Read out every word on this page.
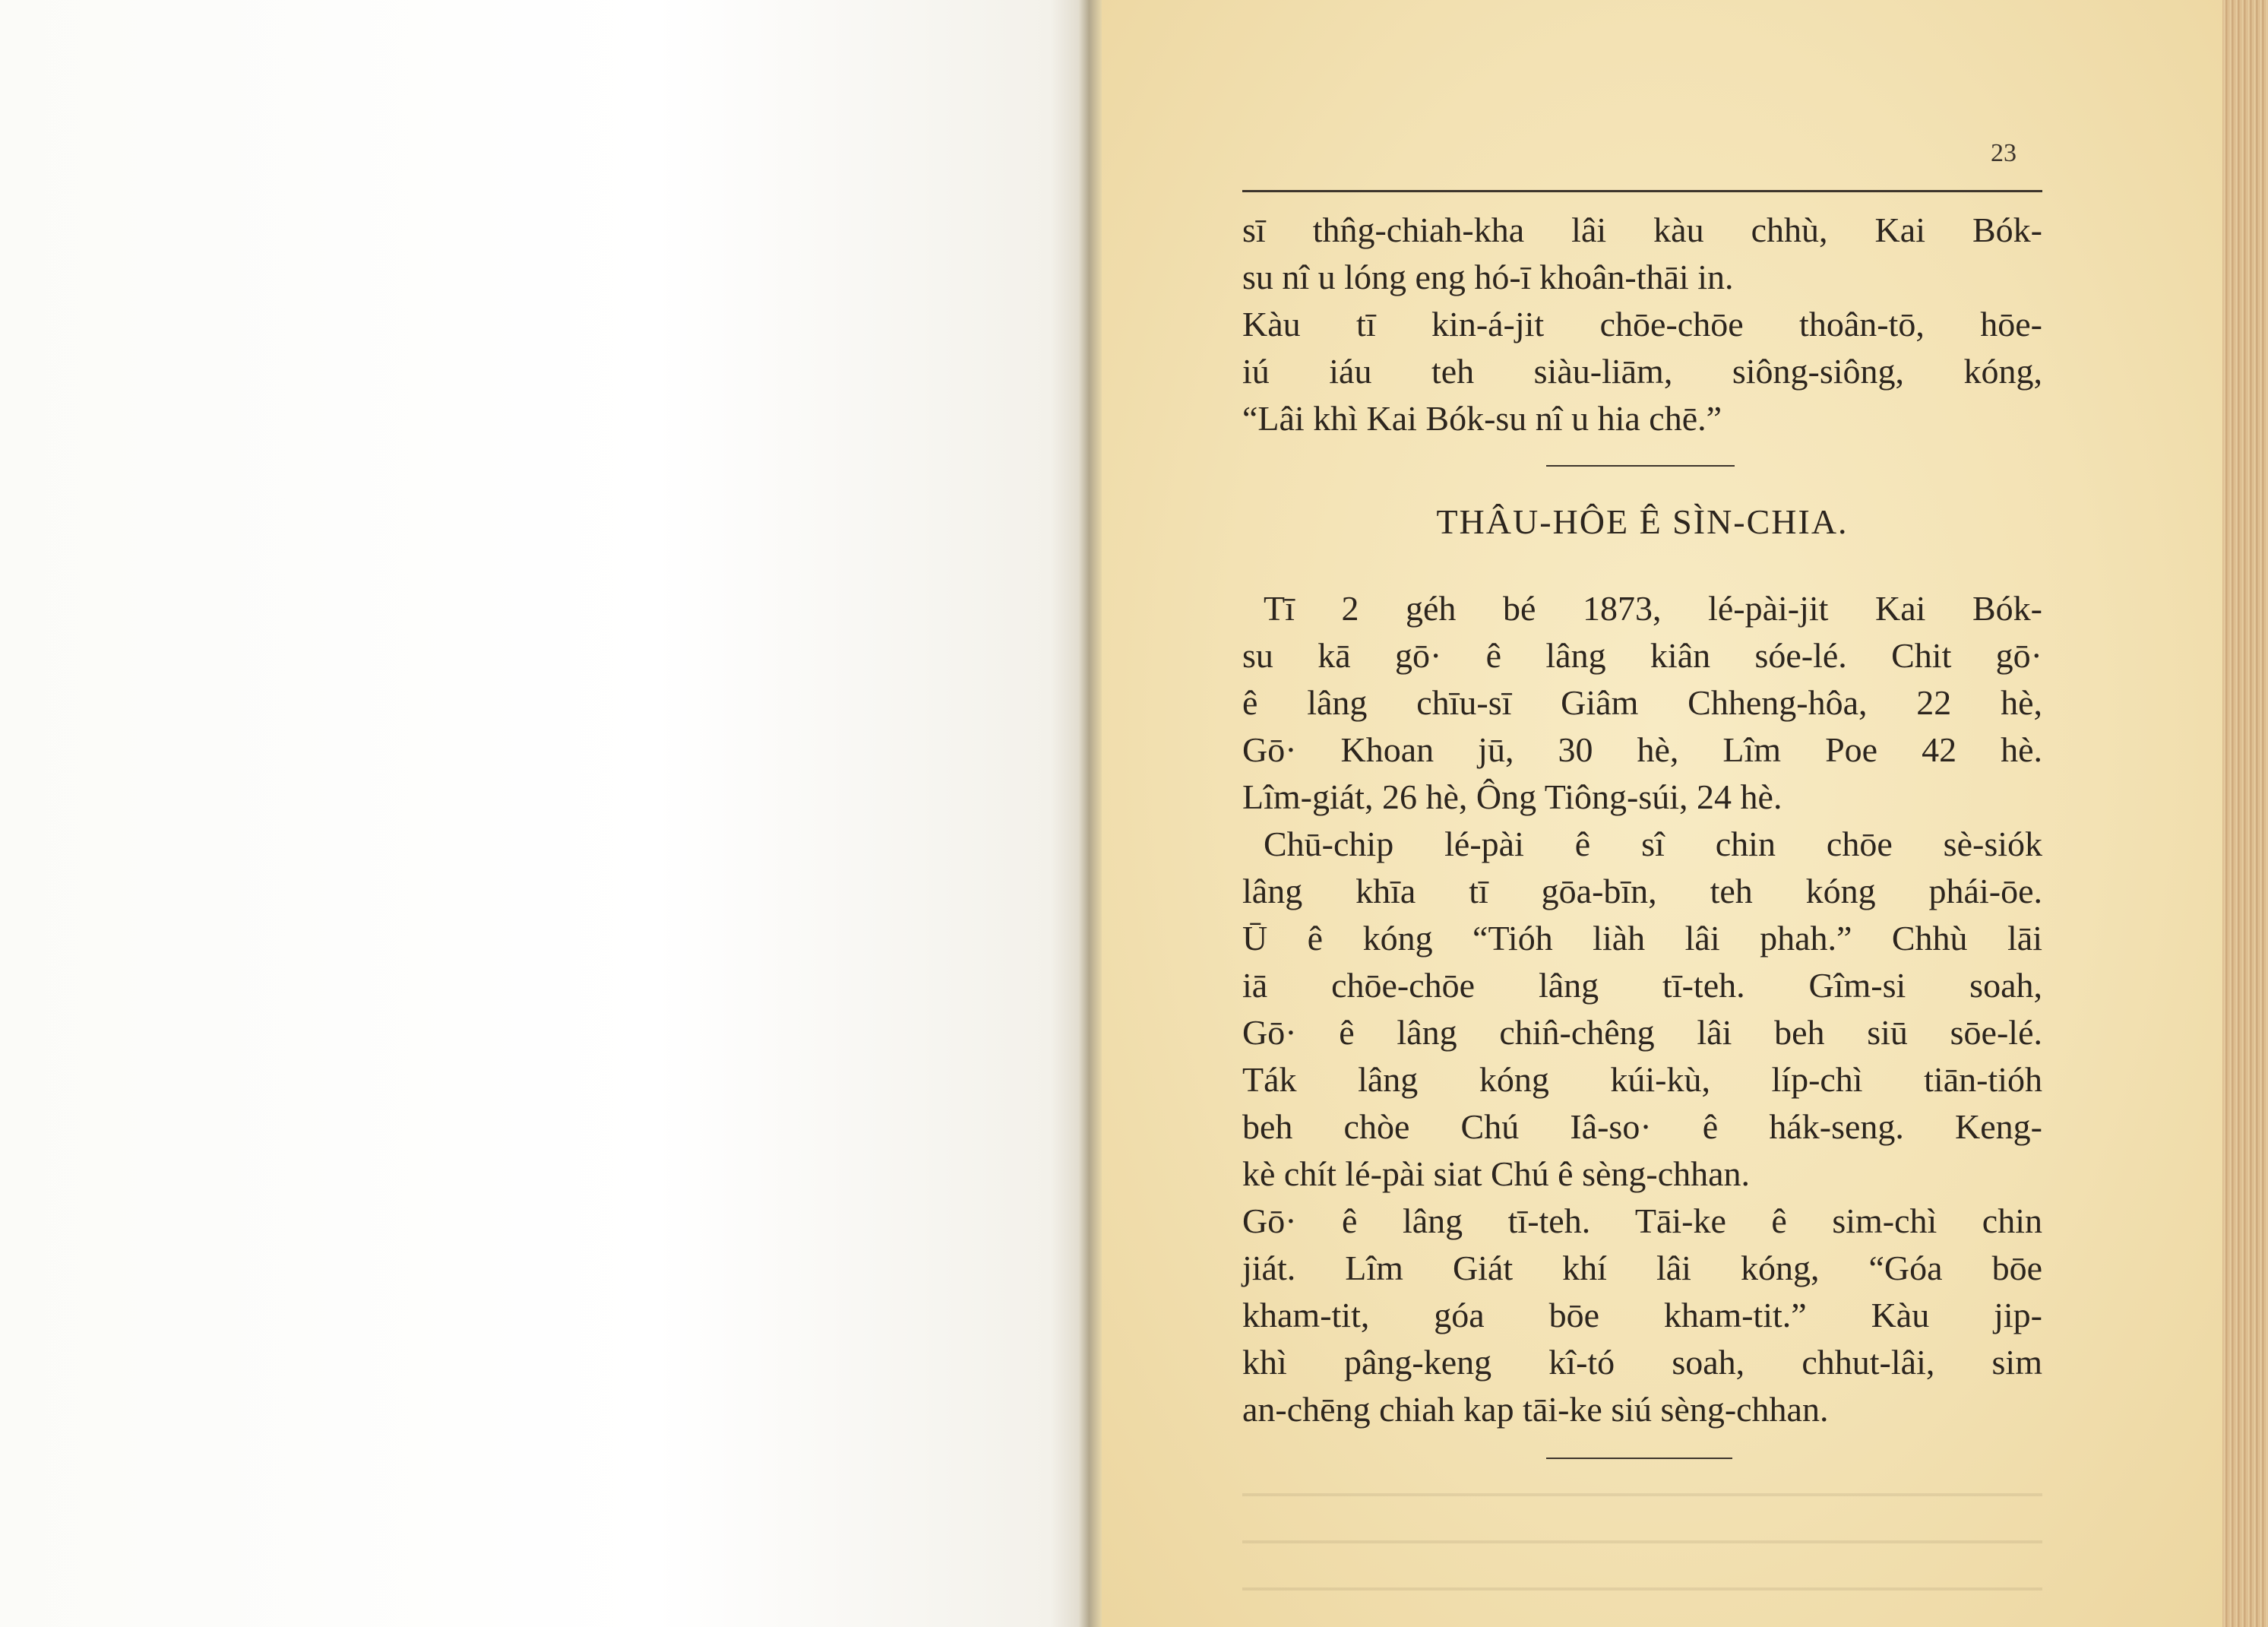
23
sī thn̂g-chiah-kha lâi kàu chhù, Kai Bók-
su nî u lóng eng hó-ī khoân-thāi in.
Kàu tī kin-á-jit chōe-chōe thoân-tō, hōe-
iú iáu teh siàu-liām, siông-siông, kóng,
“Lâi khì Kai Bók-su nî u hia chē.”
THÂU-HÔE Ê SÌN-CHIA.
Tī 2 géh bé 1873, lé-pài-jit Kai Bók-
su kā gō· ê lâng kiân sóe-lé. Chit gō·
ê lâng chīu-sī Giâm Chheng-hôa, 22 hè,
Gō· Khoan jū, 30 hè, Lîm Poe 42 hè.
Lîm-giát, 26 hè, Ông Tiông-súi, 24 hè.
Chū-chip lé-pài ê sî chin chōe sè-siók
lâng khīa tī gōa-bīn, teh kóng phái-ōe.
Ū ê kóng “Tióh liàh lâi phah.” Chhù lāi
iā chōe-chōe lâng tī-teh. Gîm-si soah,
Gō· ê lâng chin̂-chêng lâi beh siū sōe-lé.
Ták lâng kóng kúi-kù, líp-chì tiān-tióh
beh chòe Chú Iâ-so· ê hák-seng. Keng-
kè chít lé-pài siat Chú ê sèng-chhan.
Gō· ê lâng tī-teh. Tāi-ke ê sim-chì chin
jiát. Lîm Giát khí lâi kóng, “Góa bōe
kham-tit, góa bōe kham-tit.” Kàu jip-
khì pâng-keng kî-tó soah, chhut-lâi, sim
an-chēng chiah kap tāi-ke siú sèng-chhan.
